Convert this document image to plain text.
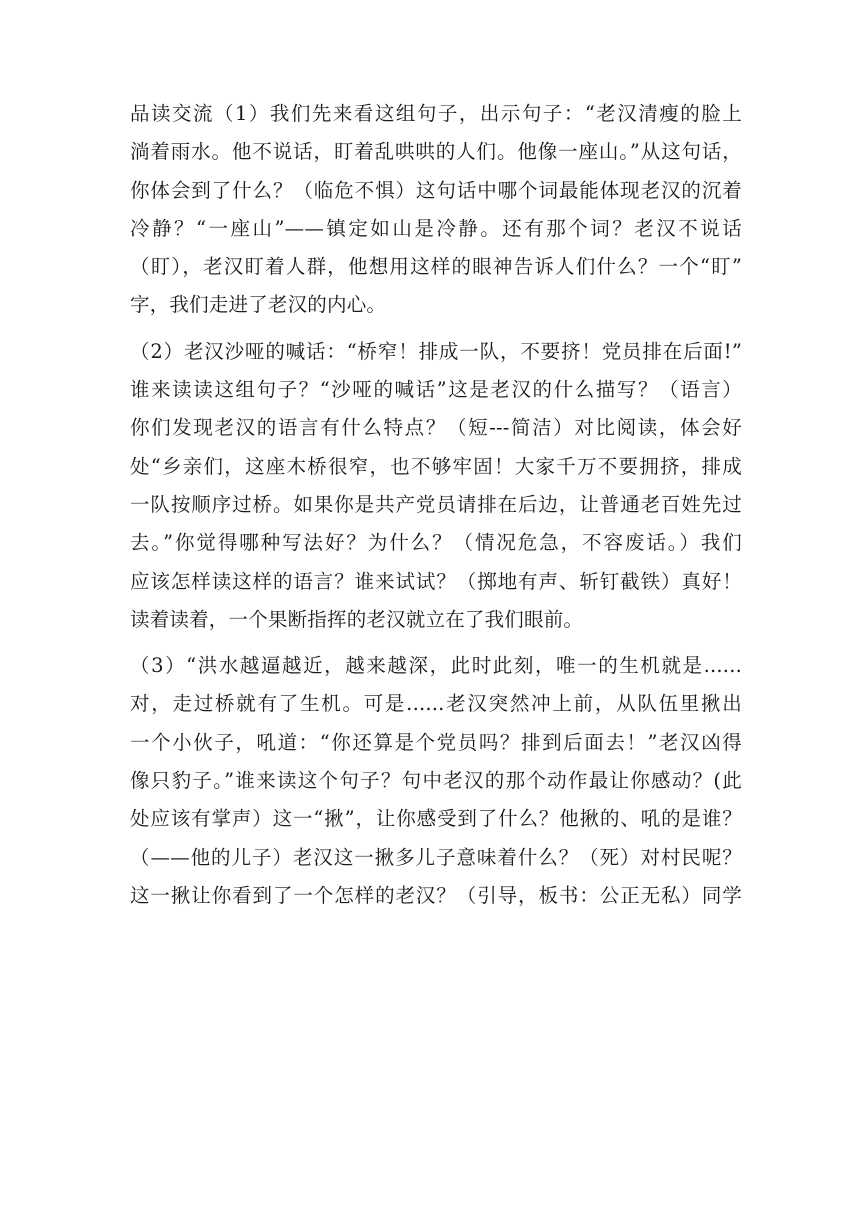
品读交流（1）我们先来看这组句子，出示句子：“老汉清瘦的脸上
淌着雨水。他不说话，盯着乱哄哄的人们。他像一座山。”从这句话，
你体会到了什么？（临危不惧）这句话中哪个词最能体现老汉的沉着
冷静？“一座山”——镇定如山是冷静。还有那个词？老汉不说话
（盯），老汉盯着人群，他想用这样的眼神告诉人们什么？一个“盯”
字，我们走进了老汉的内心。
（2）老汉沙哑的喊话：“桥窄！排成一队，不要挤！党员排在后面!”
谁来读读这组句子？“沙哑的喊话”这是老汉的什么描写？（语言）
你们发现老汉的语言有什么特点？（短---简洁）对比阅读，体会好
处“乡亲们，这座木桥很窄，也不够牢固！大家千万不要拥挤，排成
一队按顺序过桥。如果你是共产党员请排在后边，让普通老百姓先过
去。”你觉得哪种写法好？为什么？（情况危急，不容废话。）我们
应该怎样读这样的语言？谁来试试？（掷地有声、斩钉截铁）真好！
读着读着，一个果断指挥的老汉就立在了我们眼前。
（3）“洪水越逼越近，越来越深，此时此刻，唯一的生机就是......
对，走过桥就有了生机。可是......老汉突然冲上前，从队伍里揪出
一个小伙子，吼道：“你还算是个党员吗？排到后面去！”老汉凶得
像只豹子。”谁来读这个句子？句中老汉的那个动作最让你感动？(此
处应该有掌声）这一“揪”，让你感受到了什么？他揪的、吼的是谁？
（——他的儿子）老汉这一揪多儿子意味着什么？（死）对村民呢？
这一揪让你看到了一个怎样的老汉？（引导，板书：公正无私）同学
